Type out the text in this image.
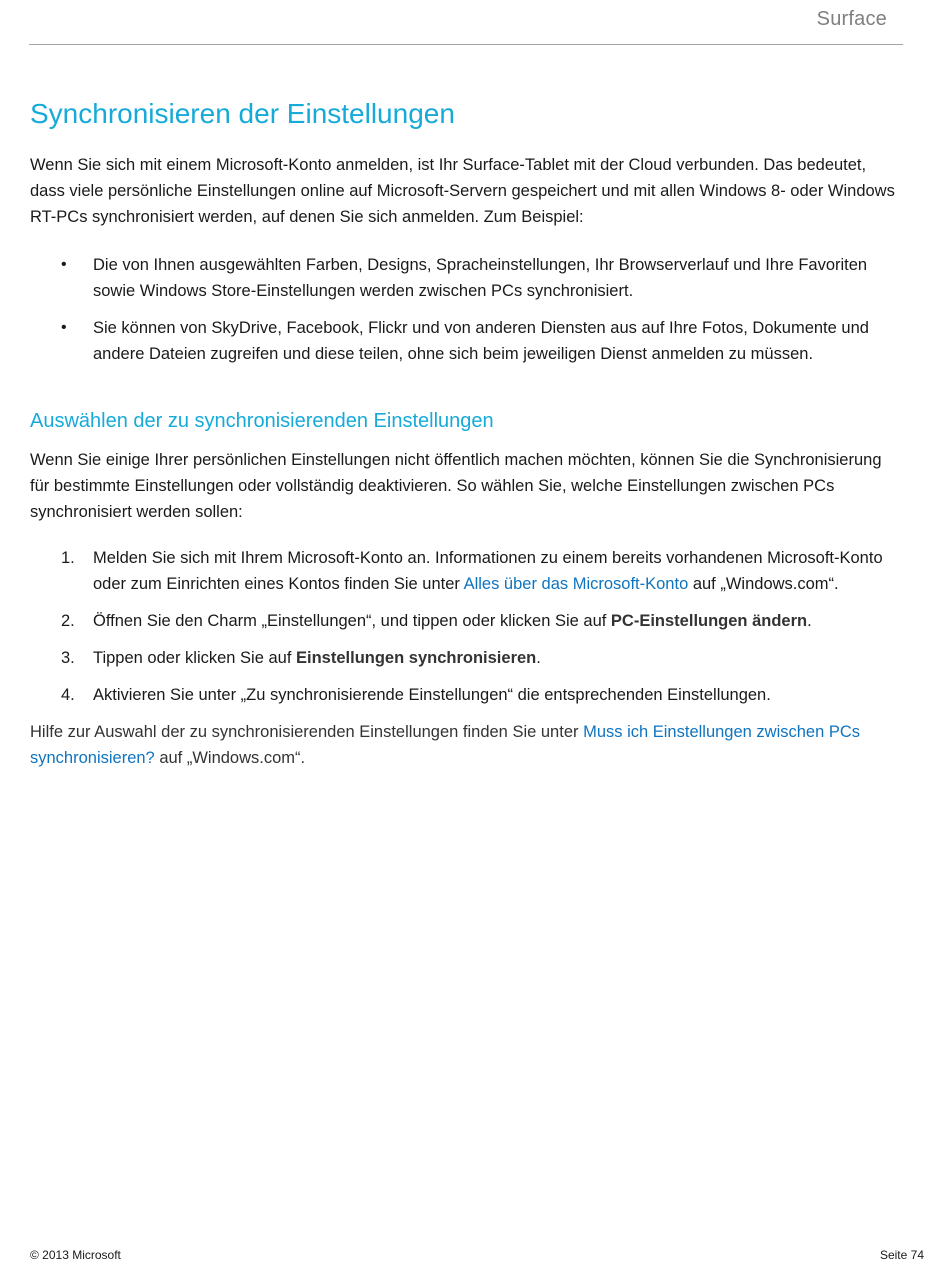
Surface
Synchronisieren der Einstellungen

Wenn Sie sich mit einem Microsoft-Konto anmelden, ist Ihr Surface-Tablet mit der Cloud verbunden. Das bedeutet, dass viele persönliche Einstellungen online auf Microsoft-Servern gespeichert und mit allen Windows 8- oder Windows RT-PCs synchronisiert werden, auf denen Sie sich anmelden. Zum Beispiel:

• Die von Ihnen ausgewählten Farben, Designs, Spracheinstellungen, Ihr Browserverlauf und Ihre Favoriten sowie Windows Store-Einstellungen werden zwischen PCs synchronisiert.
• Sie können von SkyDrive, Facebook, Flickr und von anderen Diensten aus auf Ihre Fotos, Dokumente und andere Dateien zugreifen und diese teilen, ohne sich beim jeweiligen Dienst anmelden zu müssen.
Auswählen der zu synchronisierenden Einstellungen

Wenn Sie einige Ihrer persönlichen Einstellungen nicht öffentlich machen möchten, können Sie die Synchronisierung für bestimmte Einstellungen oder vollständig deaktivieren. So wählen Sie, welche Einstellungen zwischen PCs synchronisiert werden sollen:

1. Melden Sie sich mit Ihrem Microsoft-Konto an. Informationen zu einem bereits vorhandenen Microsoft-Konto oder zum Einrichten eines Kontos finden Sie unter Alles über das Microsoft-Konto auf „Windows.com“.
2. Öffnen Sie den Charm „Einstellungen“, und tippen oder klicken Sie auf PC-Einstellungen ändern.
3. Tippen oder klicken Sie auf Einstellungen synchronisieren.
4. Aktivieren Sie unter „Zu synchronisierende Einstellungen“ die entsprechenden Einstellungen.

Hilfe zur Auswahl der zu synchronisierenden Einstellungen finden Sie unter Muss ich Einstellungen zwischen PCs synchronisieren? auf „Windows.com“.

© 2013 Microsoft	Seite 74
